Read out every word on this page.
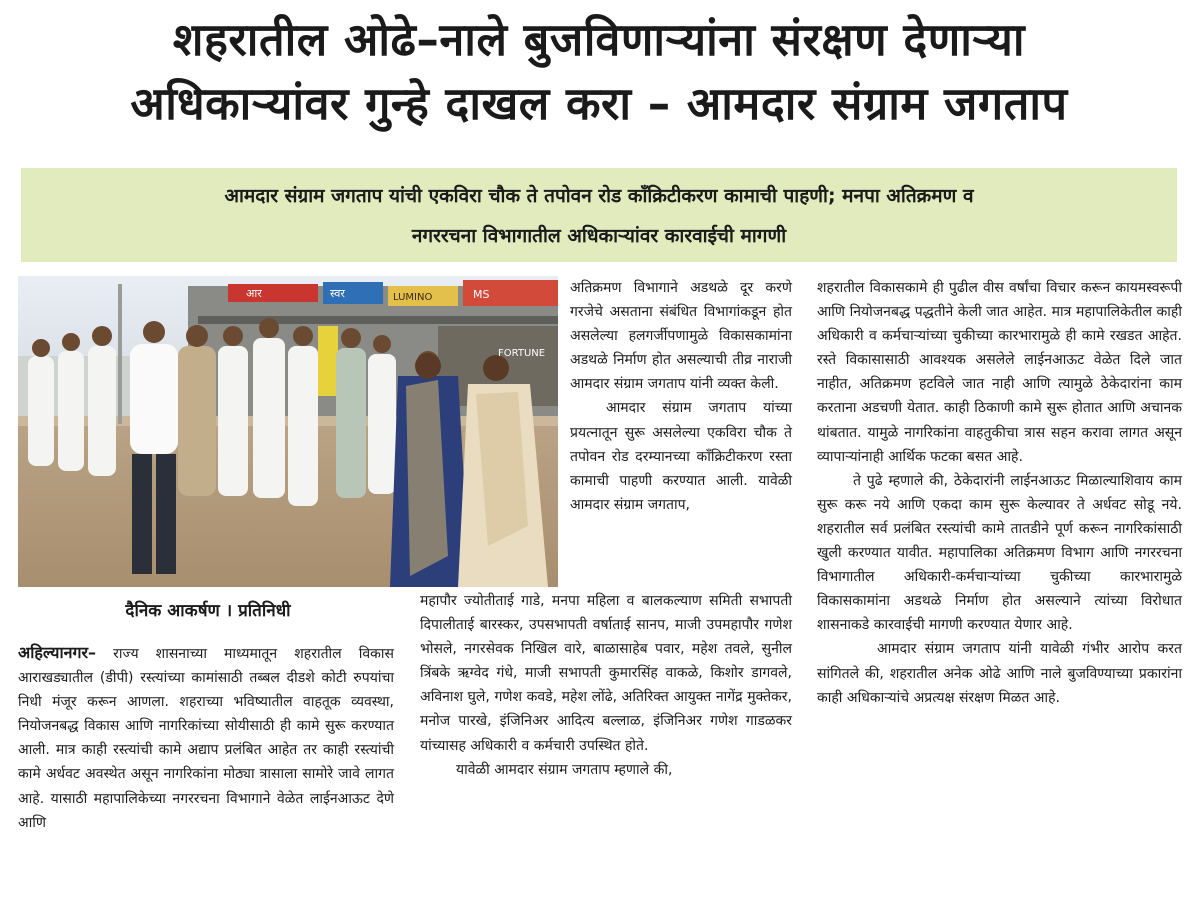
शहरातील ओढे–नाले बुजविणाऱ्यांना संरक्षण देणाऱ्या
अधिकाऱ्यांवर गुन्हे दाखल करा – आमदार संग्राम जगताप
आमदार संग्राम जगताप यांची एकविरा चौक ते तपोवन रोड कॉंक्रिटीकरण कामाची पाहणी; मनपा अतिक्रमण व
नगररचना विभागातील अधिकाऱ्यांवर कारवाईची मागणी
आर	स्वर	LUMINO	MS
FORTUNE
दैनिक आकर्षण । प्रतिनिधी

अहिल्यानगर– राज्य शासनाच्या माध्यमातून शहरातील विकास आराखड्यातील (डीपी) रस्त्यांच्या कामांसाठी तब्बल दीडशे कोटी रुपयांचा निधी मंजूर करून आणला. शहराच्या भविष्यातील वाहतूक व्यवस्था, नियोजनबद्ध विकास आणि नागरिकांच्या सोयीसाठी ही कामे सुरू करण्यात आली. मात्र काही रस्त्यांची कामे अद्याप प्रलंबित आहेत तर काही रस्त्यांची कामे अर्धवट अवस्थेत असून नागरिकांना मोठ्या त्रासाला सामोरे जावे लागत आहे. यासाठी महापालिकेच्या नगररचना विभागाने वेळेत लाईनआऊट देणे आणि

अतिक्रमण विभागाने अडथळे दूर करणे गरजेचे असताना संबंधित विभागांकडून होत असलेल्या हलगर्जीपणामुळे विकासकामांना अडथळे निर्माण होत असल्याची तीव्र नाराजी आमदार संग्राम जगताप यांनी व्यक्त केली.

आमदार संग्राम जगताप यांच्या प्रयत्नातून सुरू असलेल्या एकविरा चौक ते तपोवन रोड दरम्यानच्या कॉंक्रिटीकरण रस्ता कामाची पाहणी करण्यात आली. यावेळी आमदार संग्राम जगताप,

महापौर ज्योतीताई गाडे, मनपा महिला व बालकल्याण समिती सभापती दिपालीताई बारस्कर, उपसभापती वर्षाताई सानप, माजी उपमहापौर गणेश भोसले, नगरसेवक निखिल वारे, बाळासाहेब पवार, महेश तवले, सुनील त्रिंबके ऋग्वेद गंधे, माजी सभापती कुमारसिंह वाकळे, किशोर डागवले, अविनाश घुले, गणेश कवडे, महेश लोंढे, अतिरिक्त आयुक्त नागेंद्र मुक्तेकर, मनोज पारखे, इंजिनिअर आदित्य बल्लाळ, इंजिनिअर गणेश गाडळकर यांच्यासह अधिकारी व कर्मचारी उपस्थित होते.

यावेळी आमदार संग्राम जगताप म्हणाले की,

शहरातील विकासकामे ही पुढील वीस वर्षांचा विचार करून कायमस्वरूपी आणि नियोजनबद्ध पद्धतीने केली जात आहेत. मात्र महापालिकेतील काही अधिकारी व कर्मचाऱ्यांच्या चुकीच्या कारभारामुळे ही कामे रखडत आहेत. रस्ते विकासासाठी आवश्यक असलेले लाईनआऊट वेळेत दिले जात नाहीत, अतिक्रमण हटविले जात नाही आणि त्यामुळे ठेकेदारांना काम करताना अडचणी येतात. काही ठिकाणी कामे सुरू होतात आणि अचानक थांबतात. यामुळे नागरिकांना वाहतुकीचा त्रास सहन करावा लागत असून व्यापाऱ्यांनाही आर्थिक फटका बसत आहे.

ते पुढे म्हणाले की, ठेकेदारांनी लाईनआऊट मिळाल्याशिवाय काम सुरू करू नये आणि एकदा काम सुरू केल्यावर ते अर्धवट सोडू नये. शहरातील सर्व प्रलंबित रस्त्यांची कामे तातडीने पूर्ण करून नागरिकांसाठी खुली करण्यात यावीत. महापालिका अतिक्रमण विभाग आणि नगररचना विभागातील अधिकारी-कर्मचाऱ्यांच्या चुकीच्या कारभारामुळे विकासकामांना अडथळे निर्माण होत असल्याने त्यांच्या विरोधात शासनाकडे कारवाईची मागणी करण्यात येणार आहे.

आमदार संग्राम जगताप यांनी यावेळी गंभीर आरोप करत सांगितले की, शहरातील अनेक ओढे आणि नाले बुजविण्याच्या प्रकारांना काही अधिकाऱ्यांचे अप्रत्यक्ष संरक्षण मिळत आहे.
